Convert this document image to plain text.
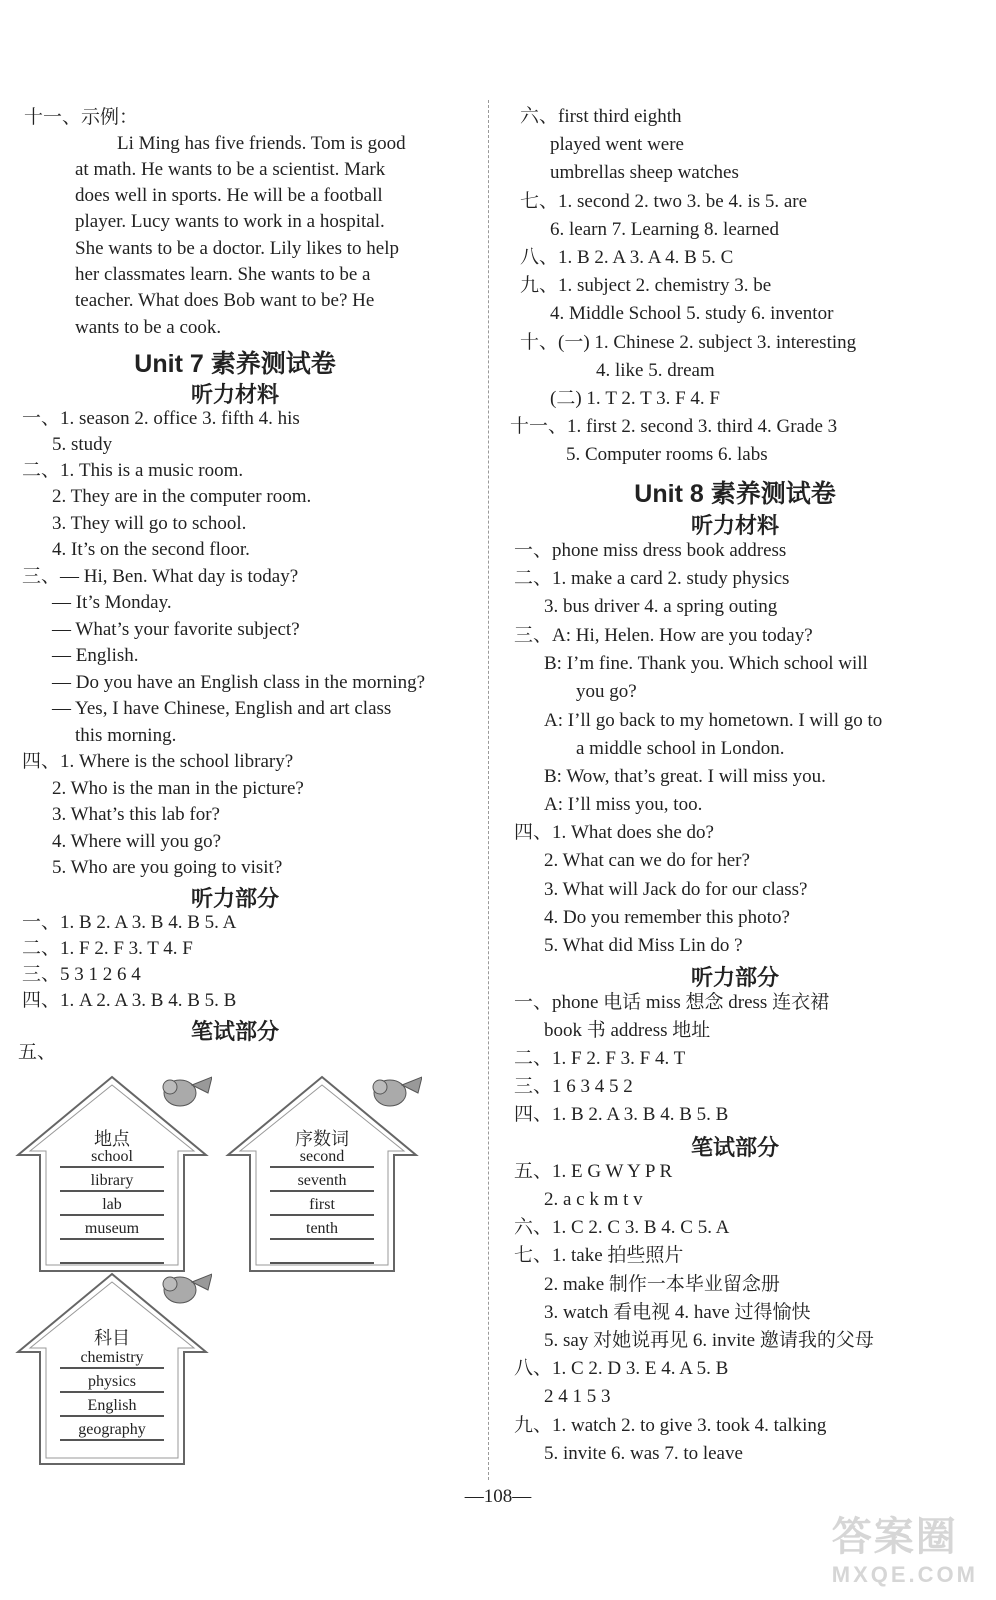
十一、示例：
Li Ming has five friends. Tom is good
at math. He wants to be a scientist. Mark
does well in sports. He will be a football
player. Lucy wants to work in a hospital.
She wants to be a doctor. Lily likes to help
her classmates learn. She wants to be a
teacher. What does Bob want to be? He
wants to be a cook.
Unit 7 素养测试卷
听力材料
一、1. season 2. office 3. fifth 4. his
5. study
二、1. This is a music room.
2. They are in the computer room.
3. They will go to school.
4. It’s on the second floor.
三、— Hi, Ben. What day is today?
— It’s Monday.
— What’s your favorite subject?
— English.
— Do you have an English class in the morning?
— Yes, I have Chinese, English and art class
this morning.
四、1. Where is the school library?
2. Who is the man in the picture?
3. What’s this lab for?
4. Where will you go?
5. Who are you going to visit?
听力部分
一、1. B 2. A 3. B 4. B 5. A
二、1. F 2. F 3. T 4. F
三、5 3 1 2 6 4
四、1. A 2. A 3. B 4. B 5. B
笔试部分
五、
地点
school
library
lab
museum
序数词
second
seventh
first
tenth
科目
chemistry
physics
English
geography
六、first third eighth
played went were
umbrellas sheep watches
七、1. second 2. two 3. be 4. is 5. are
6. learn 7. Learning 8. learned
八、1. B 2. A 3. A 4. B 5. C
九、1. subject 2. chemistry 3. be
4. Middle School 5. study 6. inventor
十、(一) 1. Chinese 2. subject 3. interesting
4. like 5. dream
(二) 1. T 2. T 3. F 4. F
十一、1. first 2. second 3. third 4. Grade 3
5. Computer rooms 6. labs
Unit 8 素养测试卷
听力材料
一、phone miss dress book address
二、1. make a card 2. study physics
3. bus driver 4. a spring outing
三、A: Hi, Helen. How are you today?
B: I’m fine. Thank you. Which school will
you go?
A: I’ll go back to my hometown. I will go to
a middle school in London.
B: Wow, that’s great. I will miss you.
A: I’ll miss you, too.
四、1. What does she do?
2. What can we do for her?
3. What will Jack do for our class?
4. Do you remember this photo?
5. What did Miss Lin do ?
听力部分
一、phone 电话 miss 想念 dress 连衣裙
book 书 address 地址
二、1. F 2. F 3. F 4. T
三、1 6 3 4 5 2
四、1. B 2. A 3. B 4. B 5. B
笔试部分
五、1. E G W Y P R
2. a c k m t v
六、1. C 2. C 3. B 4. C 5. A
七、1. take 拍些照片
2. make 制作一本毕业留念册
3. watch 看电视 4. have 过得愉快
5. say 对她说再见 6. invite 邀请我的父母
八、1. C 2. D 3. E 4. A 5. B
2 4 1 5 3
九、1. watch 2. to give 3. took 4. talking
5. invite 6. was 7. to leave
—108—
答案圈
MXQE.COM
